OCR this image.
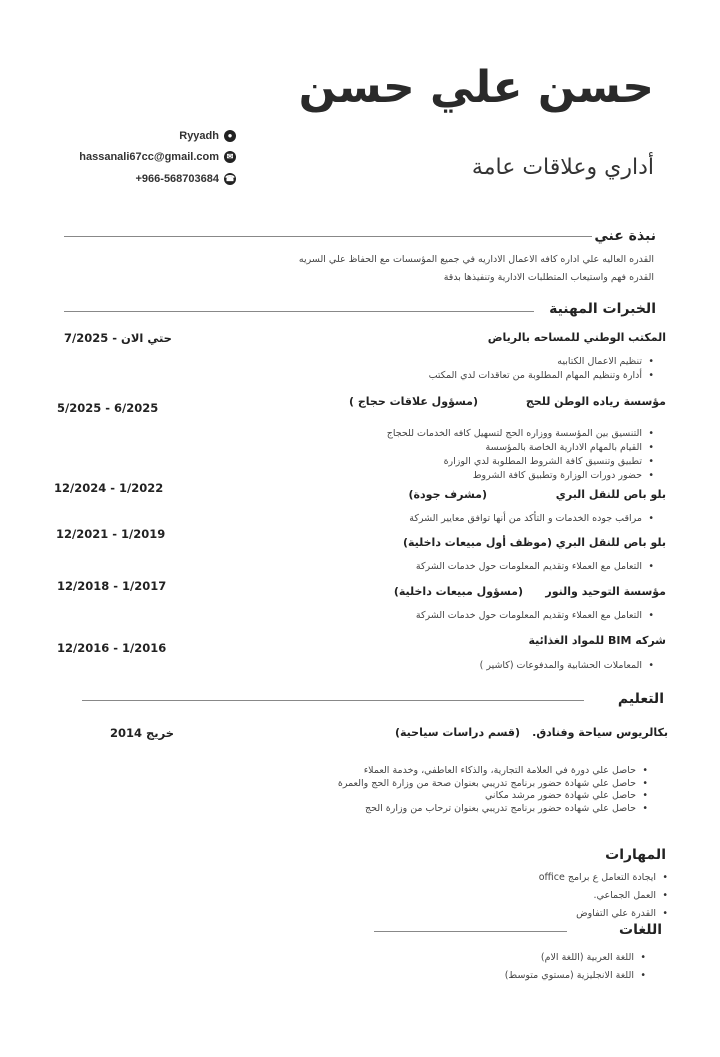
حسن علي حسن
أداري وعلاقات عامة
Ryyadh	●
hassanali67cc@gmail.com ✉
+966-568703684 ☎
نبذة عني
القدره العاليه علي اداره كافه الاعمال الاداريه في جميع المؤسسات مع الحفاظ علي السريه
القدره فهم واستيعاب المتطلبات الادارية وتنفيذها بدقة
الخبرات المهنية
المكتب الوطني للمساحه بالرياض
حتي الان - 7/2025
• تنظيم الاعمال الكتابيه
• أدارة وتنظيم المهام المطلوبة من تعاقدات لدي المكتب
مؤسسة رياده الوطن للحج
(مسؤول علاقات حجاج )
5/2025 - 6/2025
• التنسيق بين المؤسسة ووزاره الحج لتسهيل كافه الخدمات للحجاج
• القيام بالمهام الادارية الخاصة بالمؤسسة
• تطبيق وتنسيق كافة الشروط المطلوبة لدي الوزارة
• حضور دورات الوزارة وتطبيق كافة الشروط
12/2024 - 1/2022	بلو باص للنقل البري
(مشرف جودة)
• مراقب جوده الخدمات و التأكد من أنها توافق معايير الشركة
12/2021 - 1/2019
بلو باص للنقل البري
(موظف أول مبيعات داخلية)
• التعامل مع العملاء وتقديم المعلومات حول خدمات الشركة
12/2018 - 1/2017	مؤسسة التوحيد والنور
(مسؤول مبيعات داخلية)
• التعامل مع العملاء وتقديم المعلومات حول خدمات الشركة
شركه BIM للمواد الغذائية
12/2016 - 1/2016
• المعاملات الحشابية والمدفوعات (كاشير )
التعليم
بكالريوس سياحة وفنادق.
(قسم دراسات سياحية)
خريج 2014
• حاصل علي دورة في العلامة التجارية، والذكاء العاطفي، وخدمة العملاء
• حاصل علي شهادة حضور برنامج تدريبي بعنوان صحة من وزارة الحج والعمرة
• حاصل علي شهادة حضور مرشد مكاني
• حاصل علي شهاده حضور برنامج تدريبي بعنوان ترحاب من وزارة الحج
المهارات
• ايجادة التعامل ع برامج office
• العمل الجماعي.
• القدرة علي التفاوض
اللغات
• اللغة العربية (اللغة الام)
• اللغة الانجليزية (مستوي متوسط)
